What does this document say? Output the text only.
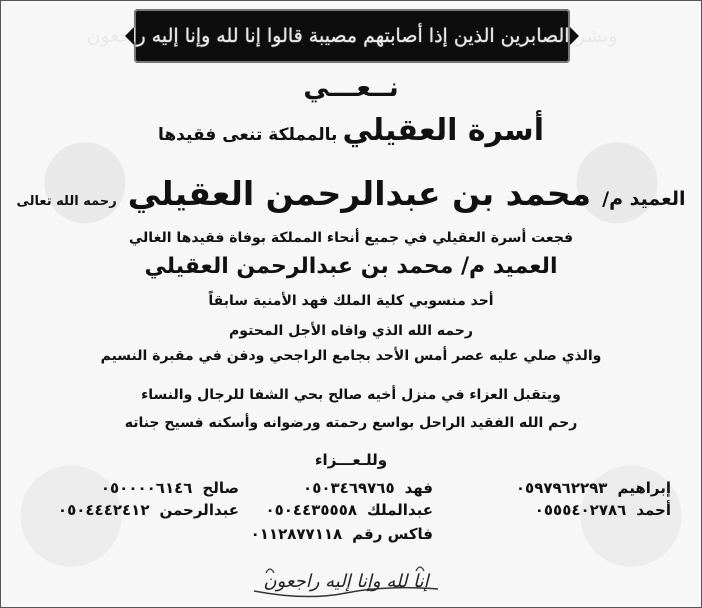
وبشر الصابرين الذين إذا أصابتهم مصيبة قالوا إنا لله وإنا إليه راجعون
نــعـــي
أسرة العقيلي بالمملكة تنعى فقيدها
العميد م/ محمد بن عبدالرحمن العقيلي رحمه الله تعالى
فجعت أسرة العقيلي في جميع أنحاء المملكة بوفاة فقيدها الغالي
العميد م/ محمد بن عبدالرحمن العقيلي
أحد منسوبي كلية الملك فهد الأمنية سابقاً
رحمه الله الذي وافاه الأجل المحتوم
والذي صلي عليه عصر أمس الأحد بجامع الراجحي ودفن في مقبرة النسيم
ويتقبل العزاء في منزل أخيه صالح بحي الشفا للرجال والنساء
رحم الله الفقيد الراحل بواسع رحمته ورضوانه وأسكنه فسيح جناته
وللـعـــزاء
إبراهيم٠٥٩٧٩٦٢٢٩٣
فهد٠٥٠٣٤٦٩٧٦٥
صالح٠٥٠٠٠٠٦١٤٦
أحمد٠٥٥٥٤٠٢٧٨٦
عبدالملك٠٥٠٤٤٣٥٥٥٨
عبدالرحمن٠٥٠٤٤٤٢٤١٢
فاكس رقم٠١١٢٨٧٧١١٨
إنا لله وإنا إليه راجعون
